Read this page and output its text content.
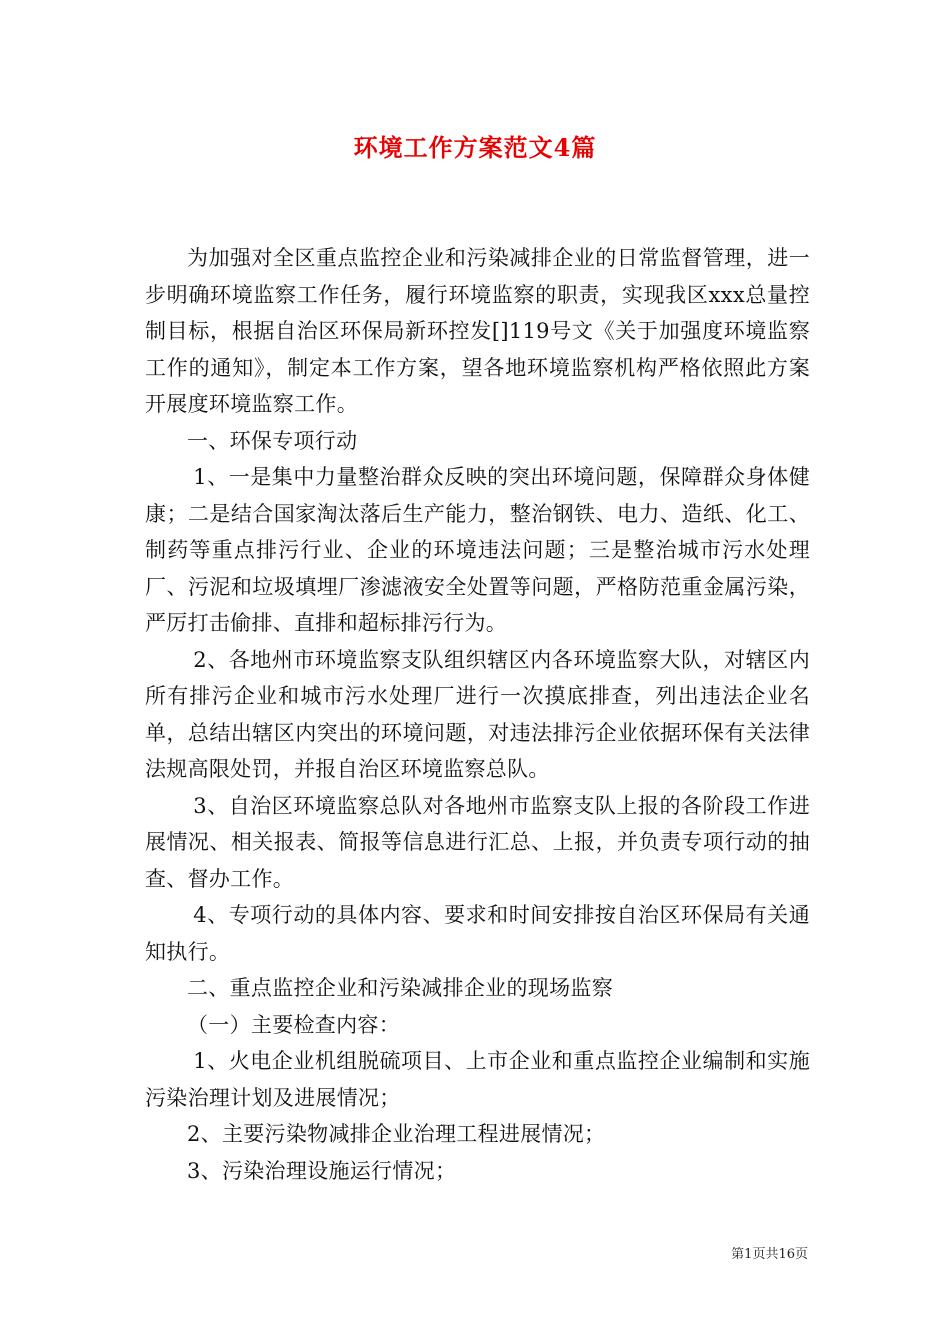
环境工作方案范文4篇

为加强对全区重点监控企业和污染减排企业的日常监督管理，进一步明确环境监察工作任务，履行环境监察的职责，实现我区xxx总量控制目标，根据自治区环保局新环控发[]119号文《关于加强度环境监察工作的通知》，制定本工作方案，望各地环境监察机构严格依照此方案开展度环境监察工作。

一、环保专项行动

1、一是集中力量整治群众反映的突出环境问题，保障群众身体健康；二是结合国家淘汰落后生产能力，整治钢铁、电力、造纸、化工、制药等重点排污行业、企业的环境违法问题；三是整治城市污水处理厂、污泥和垃圾填埋厂渗滤液安全处置等问题，严格防范重金属污染，严厉打击偷排、直排和超标排污行为。

2、各地州市环境监察支队组织辖区内各环境监察大队，对辖区内所有排污企业和城市污水处理厂进行一次摸底排查，列出违法企业名单，总结出辖区内突出的环境问题，对违法排污企业依据环保有关法律法规高限处罚，并报自治区环境监察总队。

3、自治区环境监察总队对各地州市监察支队上报的各阶段工作进展情况、相关报表、简报等信息进行汇总、上报，并负责专项行动的抽查、督办工作。

4、专项行动的具体内容、要求和时间安排按自治区环保局有关通知执行。

二、重点监控企业和污染减排企业的现场监察

（一）主要检查内容：

1、火电企业机组脱硫项目、上市企业和重点监控企业编制和实施污染治理计划及进展情况；

2、主要污染物减排企业治理工程进展情况；

3、污染治理设施运行情况；

第1页共16页
